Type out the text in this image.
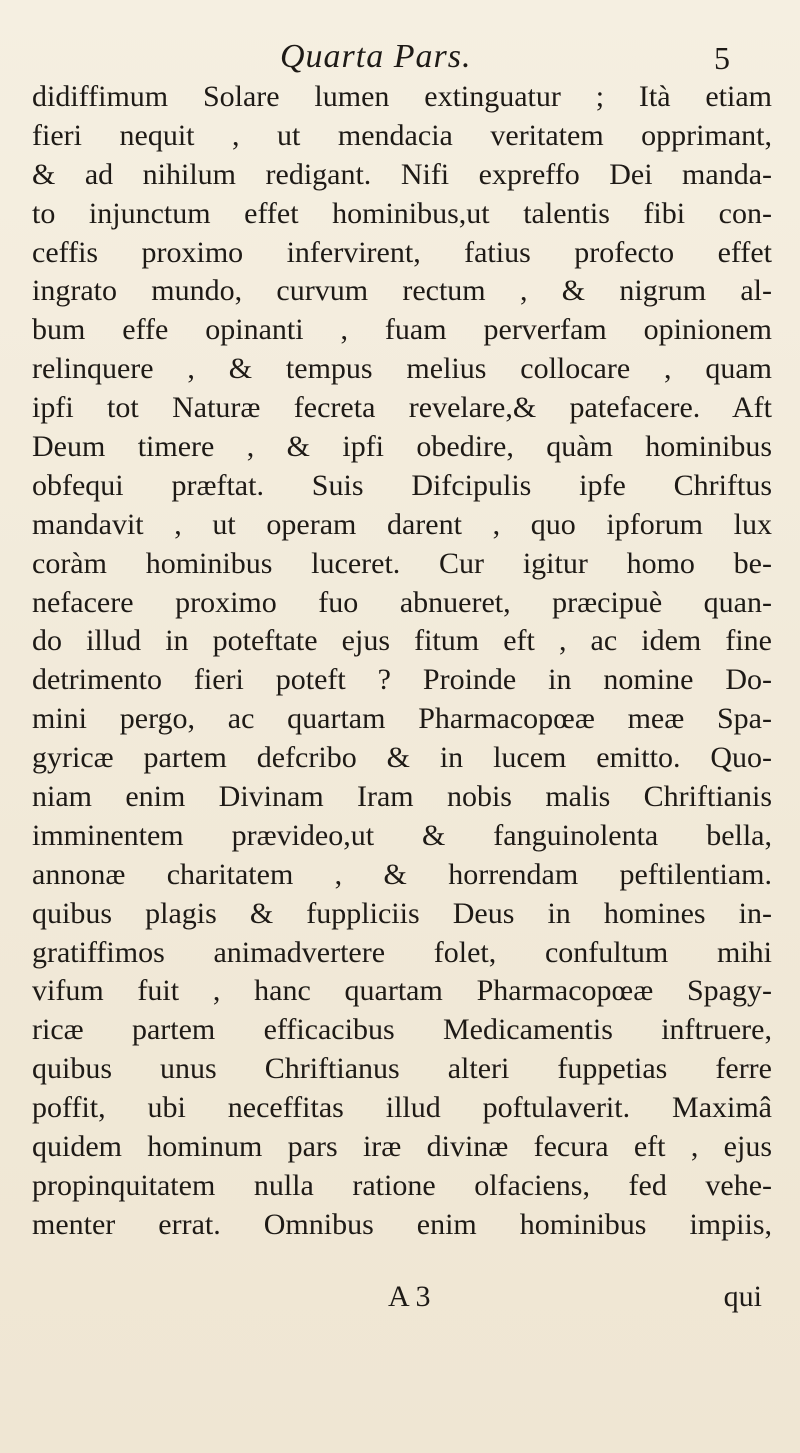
Quarta Pars.	5
didiffimum Solare lumen extinguatur ; Ità etiam
fieri nequit , ut mendacia veritatem opprimant,
& ad nihilum redigant. Nifi expreffo Dei manda-
to injunctum effet hominibus,ut talentis fibi con-
ceffis proximo infervirent, fatius profecto effet
ingrato mundo, curvum rectum , & nigrum al-
bum effe opinanti , fuam perverfam opinionem
relinquere , & tempus melius collocare , quam
ipfi tot Naturæ fecreta revelare,& patefacere. Aft
Deum timere , & ipfi obedire, quàm hominibus
obfequi præftat. Suis Difcipulis ipfe Chriftus
mandavit , ut operam darent , quo ipforum lux
coràm hominibus luceret. Cur igitur homo be-
nefacere proximo fuo abnueret, præcipuè quan-
do illud in poteftate ejus fitum eft , ac idem fine
detrimento fieri poteft ? Proinde in nomine Do-
mini pergo, ac quartam Pharmacopœæ meæ Spa-
gyricæ partem defcribo & in lucem emitto. Quo-
niam enim Divinam Iram nobis malis Chriftianis
imminentem prævideo,ut & fanguinolenta bella,
annonæ charitatem , & horrendam peftilentiam.
quibus plagis & fuppliciis Deus in homines in-
gratiffimos animadvertere folet, confultum mihi
vifum fuit , hanc quartam Pharmacopœæ Spagy-
ricæ partem efficacibus Medicamentis inftruere,
quibus unus Chriftianus alteri fuppetias ferre
poffit, ubi neceffitas illud poftulaverit. Maximâ
quidem hominum pars iræ divinæ fecura eft , ejus
propinquitatem nulla ratione olfaciens, fed vehe-
menter errat. Omnibus enim hominibus impiis,
A 3	qui
